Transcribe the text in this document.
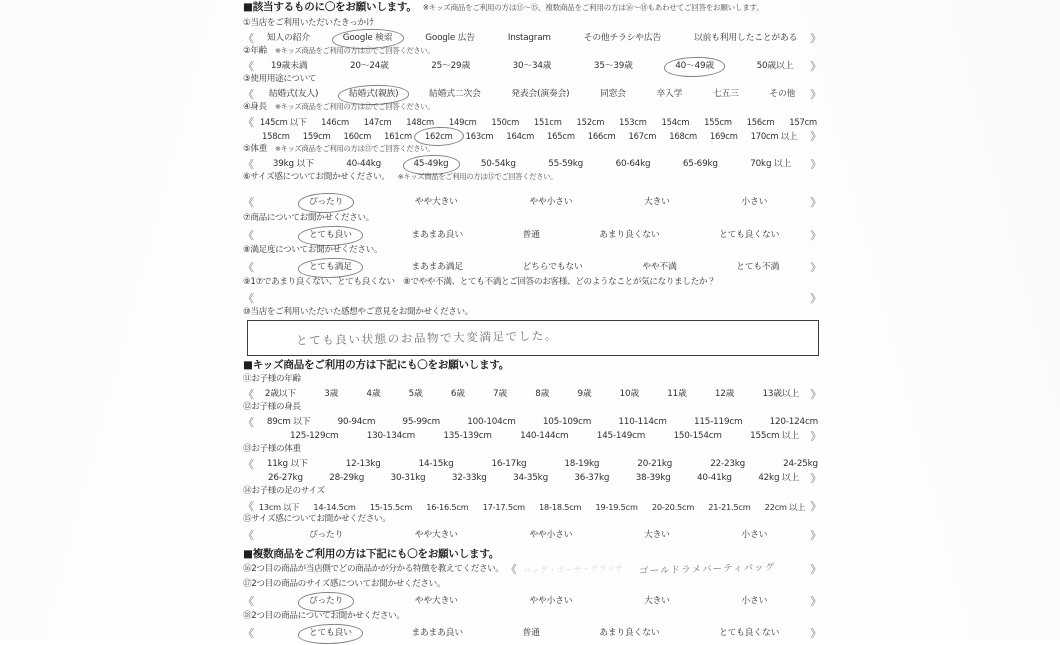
■該当するものに〇をお願いします。 ※キッズ商品をご利用の方は⑪～⑮、複数商品をご利用の方は⑯～⑱もあわせてご回答をお願いします。
①当店をご利用いただいたきっかけ
《 知人の紹介	Google 検索	Google 広告	Instagram	その他チラシや広告	以前も利用したことがある 》
②年齢 ※キッズ商品をご利用の方は⑪でご回答ください。
《 19歳未満	20～24歳	25～29歳	30～34歳	35～39歳	40～49歳	50歳以上 》
③使用用途について
《 結婚式(友人)	結婚式(親族)	結婚式二次会	発表会(演奏会)	同窓会	卒入学	七五三	その他 》
④身長 ※キッズ商品をご利用の方は⑫でご回答ください。
《 145cm 以下 146cm 147cm 148cm 149cm 150cm 151cm 152cm 153cm 154cm 155cm 156cm 157cm
158cm 159cm 160cm 161cm 162cm 163cm 164cm 165cm 166cm 167cm 168cm 169cm 170cm 以上 》
⑤体重 ※キッズ商品をご利用の方は⑬でご回答ください。
《 39kg 以下	40-44kg	45-49kg	50-54kg	55-59kg	60-64kg	65-69kg	70kg 以上 》
⑥サイズ感についてお聞かせください。 ※キッズ商品をご利用の方は⑮でご回答ください。
《	ぴったり	やや大きい	やや小さい	大きい	小さい	》
⑦商品についてお聞かせください。
《	とても良い	まあまあ良い	普通	あまり良くない	とても良くない	》
⑧満足度についてお聞かせください。
《	とても満足	まあまあ満足	どちらでもない	やや不満	とても不満	》
⑨1⑦であまり良くない、とても良くない　⑧でやや不満、とても不満とご回答のお客様、どのようなことが気になりましたか？
《	》
⑩当店をご利用いただいた感想やご意見をお聞かせください。
とても良い状態のお品物で大変満足でした。
■キッズ商品をご利用の方は下記にも〇をお願いします。
⑪お子様の年齢
《 2歳以下	3歳	4歳	5歳	6歳	7歳	8歳	9歳	10歳	11歳	12歳	13歳以上 》
⑫お子様の身長
《 89cm 以下	90-94cm	95-99cm	100-104cm	105-109cm	110-114cm	115-119cm	120-124cm
125-129cm	130-134cm	135-139cm	140-144cm	145-149cm	150-154cm	155cm 以上 》
⑬お子様の体重
《 11kg 以下	12-13kg	14-15kg	16-17kg	18-19kg	20-21kg	22-23kg	24-25kg
26-27kg	28-29kg	30-31kg	32-33kg	34-35kg	36-37kg	38-39kg	40-41kg	42kg 以上 》
⑭お子様の足のサイズ
《 13cm 以下 14-14.5cm 15-15.5cm 16-16.5cm 17-17.5cm 18-18.5cm 19-19.5cm 20-20.5cm 21-21.5cm 22cm 以上 》
⑮サイズ感についてお聞かせください。
《	ぴったり	やや大きい	やや小さい	大きい	小さい	》
■複数商品をご利用の方は下記にも〇をお願いします。
⑯2つ目の商品が当店側でどの商品かが分かる特徴を教えてください。 《 バッグ・ポーチ・クラッチ ゴールドラメパーティバッグ	》
⑰2つ目の商品のサイズ感についてお聞かせください。
《	ぴったり	やや大きい	やや小さい	大きい	小さい	》
⑱2つ目の商品についてお聞かせください。
《	とても良い	まあまあ良い	普通	あまり良くない	とても良くない	》
